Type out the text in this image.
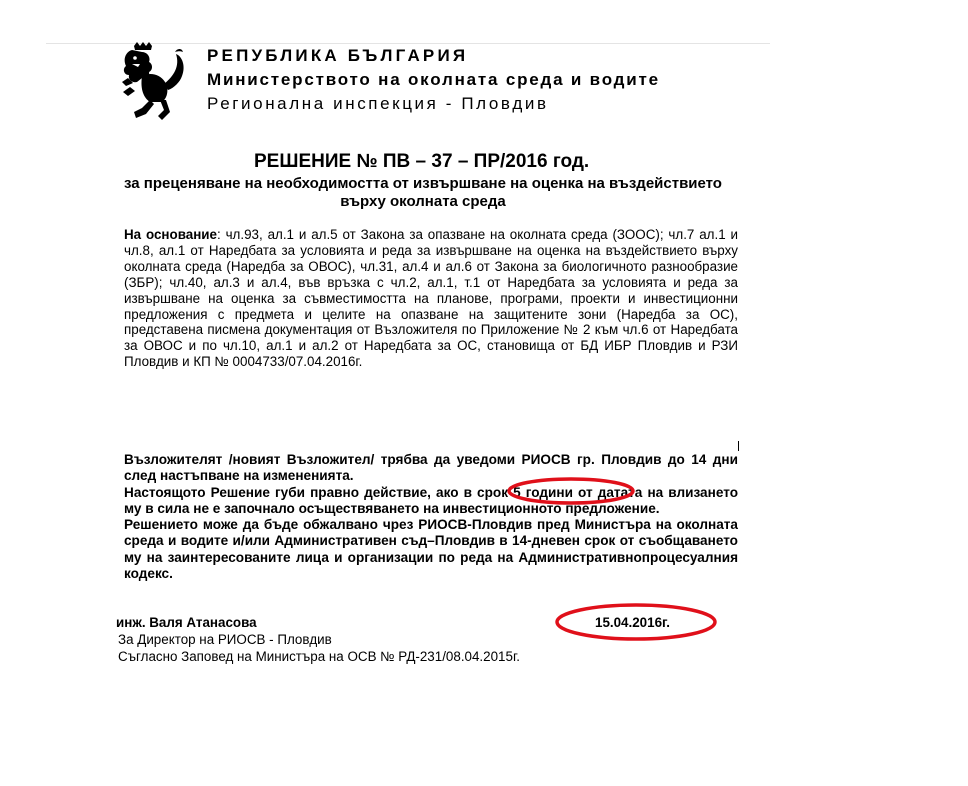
РЕПУБЛИКА БЪЛГАРИЯ
Министерството на околната среда и водите
Регионална инспекция - Пловдив
РЕШЕНИЕ № ПВ – 37 – ПР/2016 год.
за преценяване на необходимостта от извършване на оценка на въздействието върху околната среда
На основание: чл.93, ал.1 и ал.5 от Закона за опазване на околната среда (ЗООС); чл.7 ал.1 и чл.8, ал.1 от Наредбата за условията и реда за извършване на оценка на въздействието върху околната среда (Наредба за ОВОС), чл.31, ал.4 и ал.6 от Закона за биологичното разнообразие (ЗБР); чл.40, ал.3 и ал.4, във връзка с чл.2, ал.1, т.1 от Наредбата за условията и реда за извършване на оценка за съвместимостта на планове, програми, проекти и инвестиционни предложения с предмета и целите на опазване на защитените зони (Наредба за ОС), представена писмена документация от Възложителя по Приложение № 2 към чл.6 от Наредбата за ОВОС и по чл.10, ал.1 и ал.2 от Наредбата за ОС, становища от БД ИБР Пловдив и РЗИ Пловдив и КП № 0004733/07.04.2016г.

Възложителят /новият Възложител/ трябва да уведоми РИОСВ гр. Пловдив до 14 дни след настъпване на измененията.

Настоящото Решение губи правно действие, ако в срок 5 години от датата на влизането му в сила не е започнало осъществяването на инвестиционното предложение.

Решението може да бъде обжалвано чрез РИОСВ-Пловдив пред Министъра на околната среда и водите и/или Административен съд–Пловдив в 14-дневен срок от съобщаването му на заинтересованите лица и организации по реда на Административнопроцесуалния кодекс.

инж. Валя Атанасова	15.04.2016г.
За Директор на РИОСВ - Пловдив
Съгласно Заповед на Министъра на ОСВ № РД-231/08.04.2015г.
